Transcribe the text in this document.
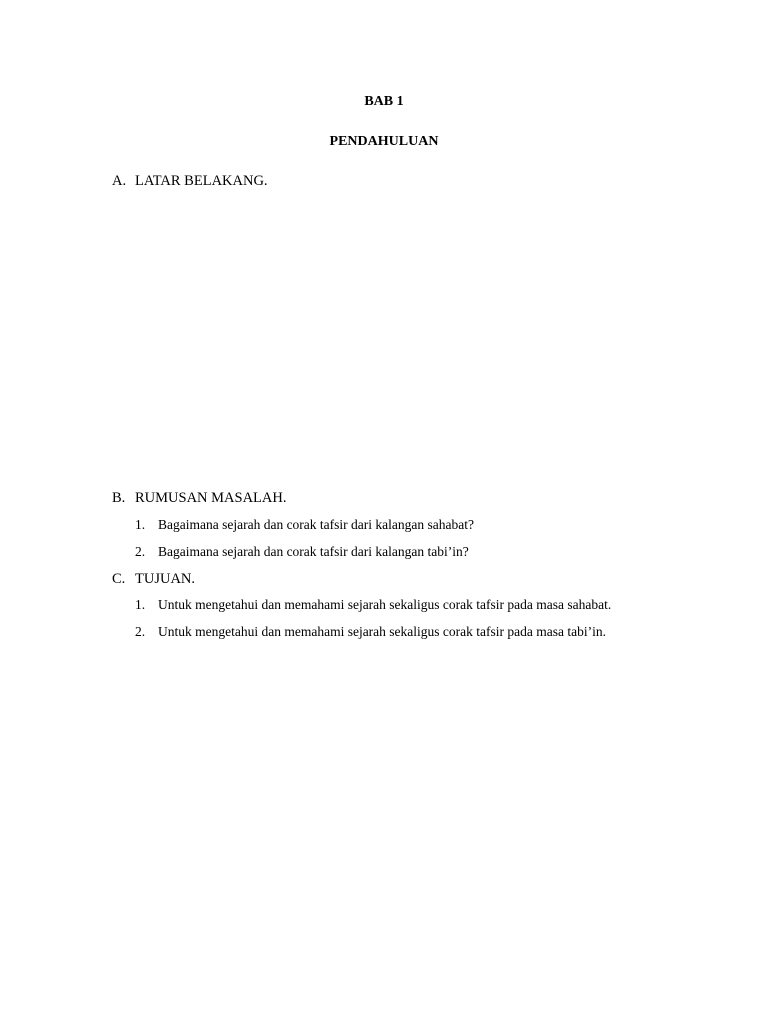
BAB 1
PENDAHULUAN
A. LATAR BELAKANG.
B. RUMUSAN MASALAH.
1. Bagaimana sejarah dan corak tafsir dari kalangan sahabat?
2. Bagaimana sejarah dan corak tafsir dari kalangan tabi’in?
C. TUJUAN.
1. Untuk mengetahui dan memahami sejarah sekaligus corak tafsir pada masa sahabat.
2. Untuk mengetahui dan memahami sejarah sekaligus corak tafsir pada masa tabi’in.
